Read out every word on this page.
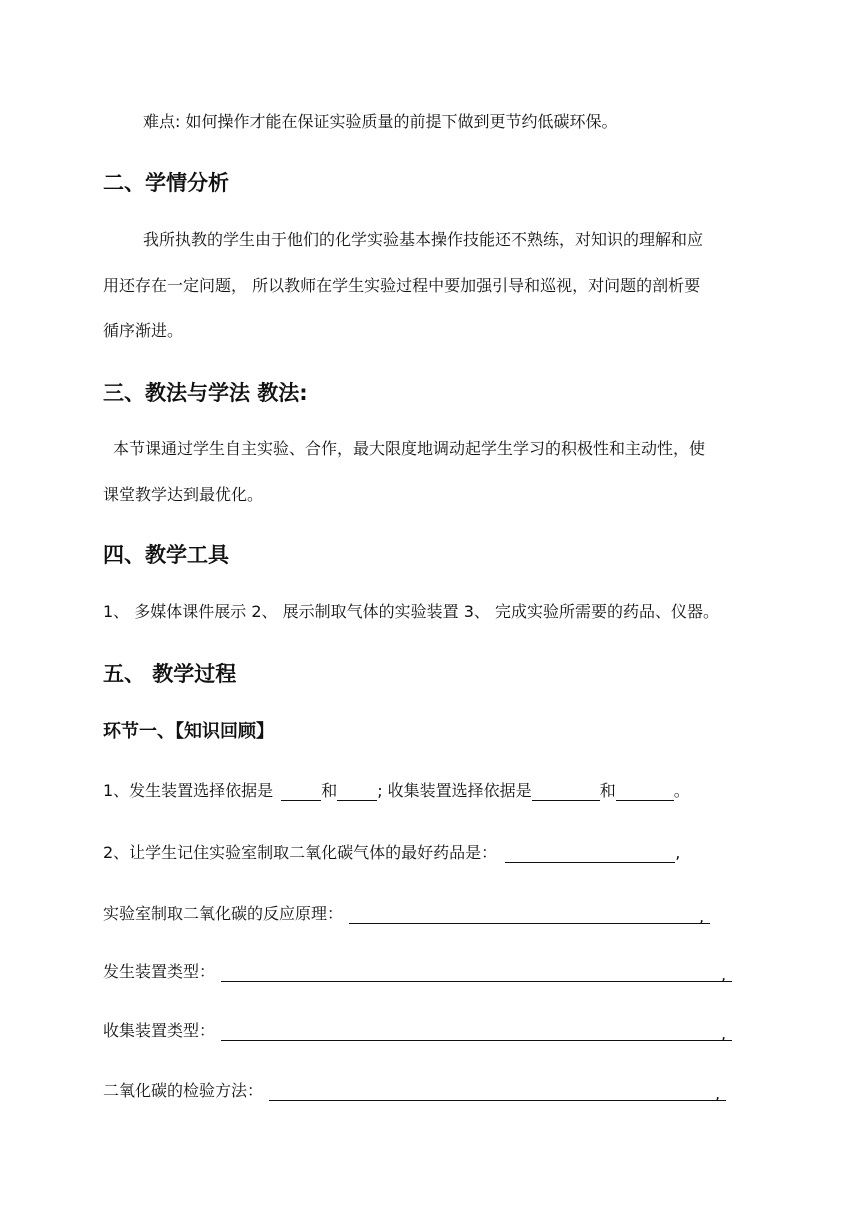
难点: 如何操作才能在保证实验质量的前提下做到更节约低碳环保。
二、学情分析
我所执教的学生由于他们的化学实验基本操作技能还不熟练，对知识的理解和应
用还存在一定问题， 所以教师在学生实验过程中要加强引导和巡视，对问题的剖析要
循序渐进。
三、教法与学法 教法:
本节课通过学生自主实验、合作，最大限度地调动起学生学习的积极性和主动性，使
课堂教学达到最优化。
四、教学工具
1、 多媒体课件展示 2、 展示制取气体的实验装置 3、 完成实验所需要的药品、仪器。
五、 教学过程
环节一、【知识回顾】
1、发生装置选择依据是	和	; 收集装置选择依据是	和	。
2、让学生记住实验室制取二氧化碳气体的最好药品是：	,
实验室制取二氧化碳的反应原理：	,
发生装置类型：	,
收集装置类型：	,
二氧化碳的检验方法：	,
